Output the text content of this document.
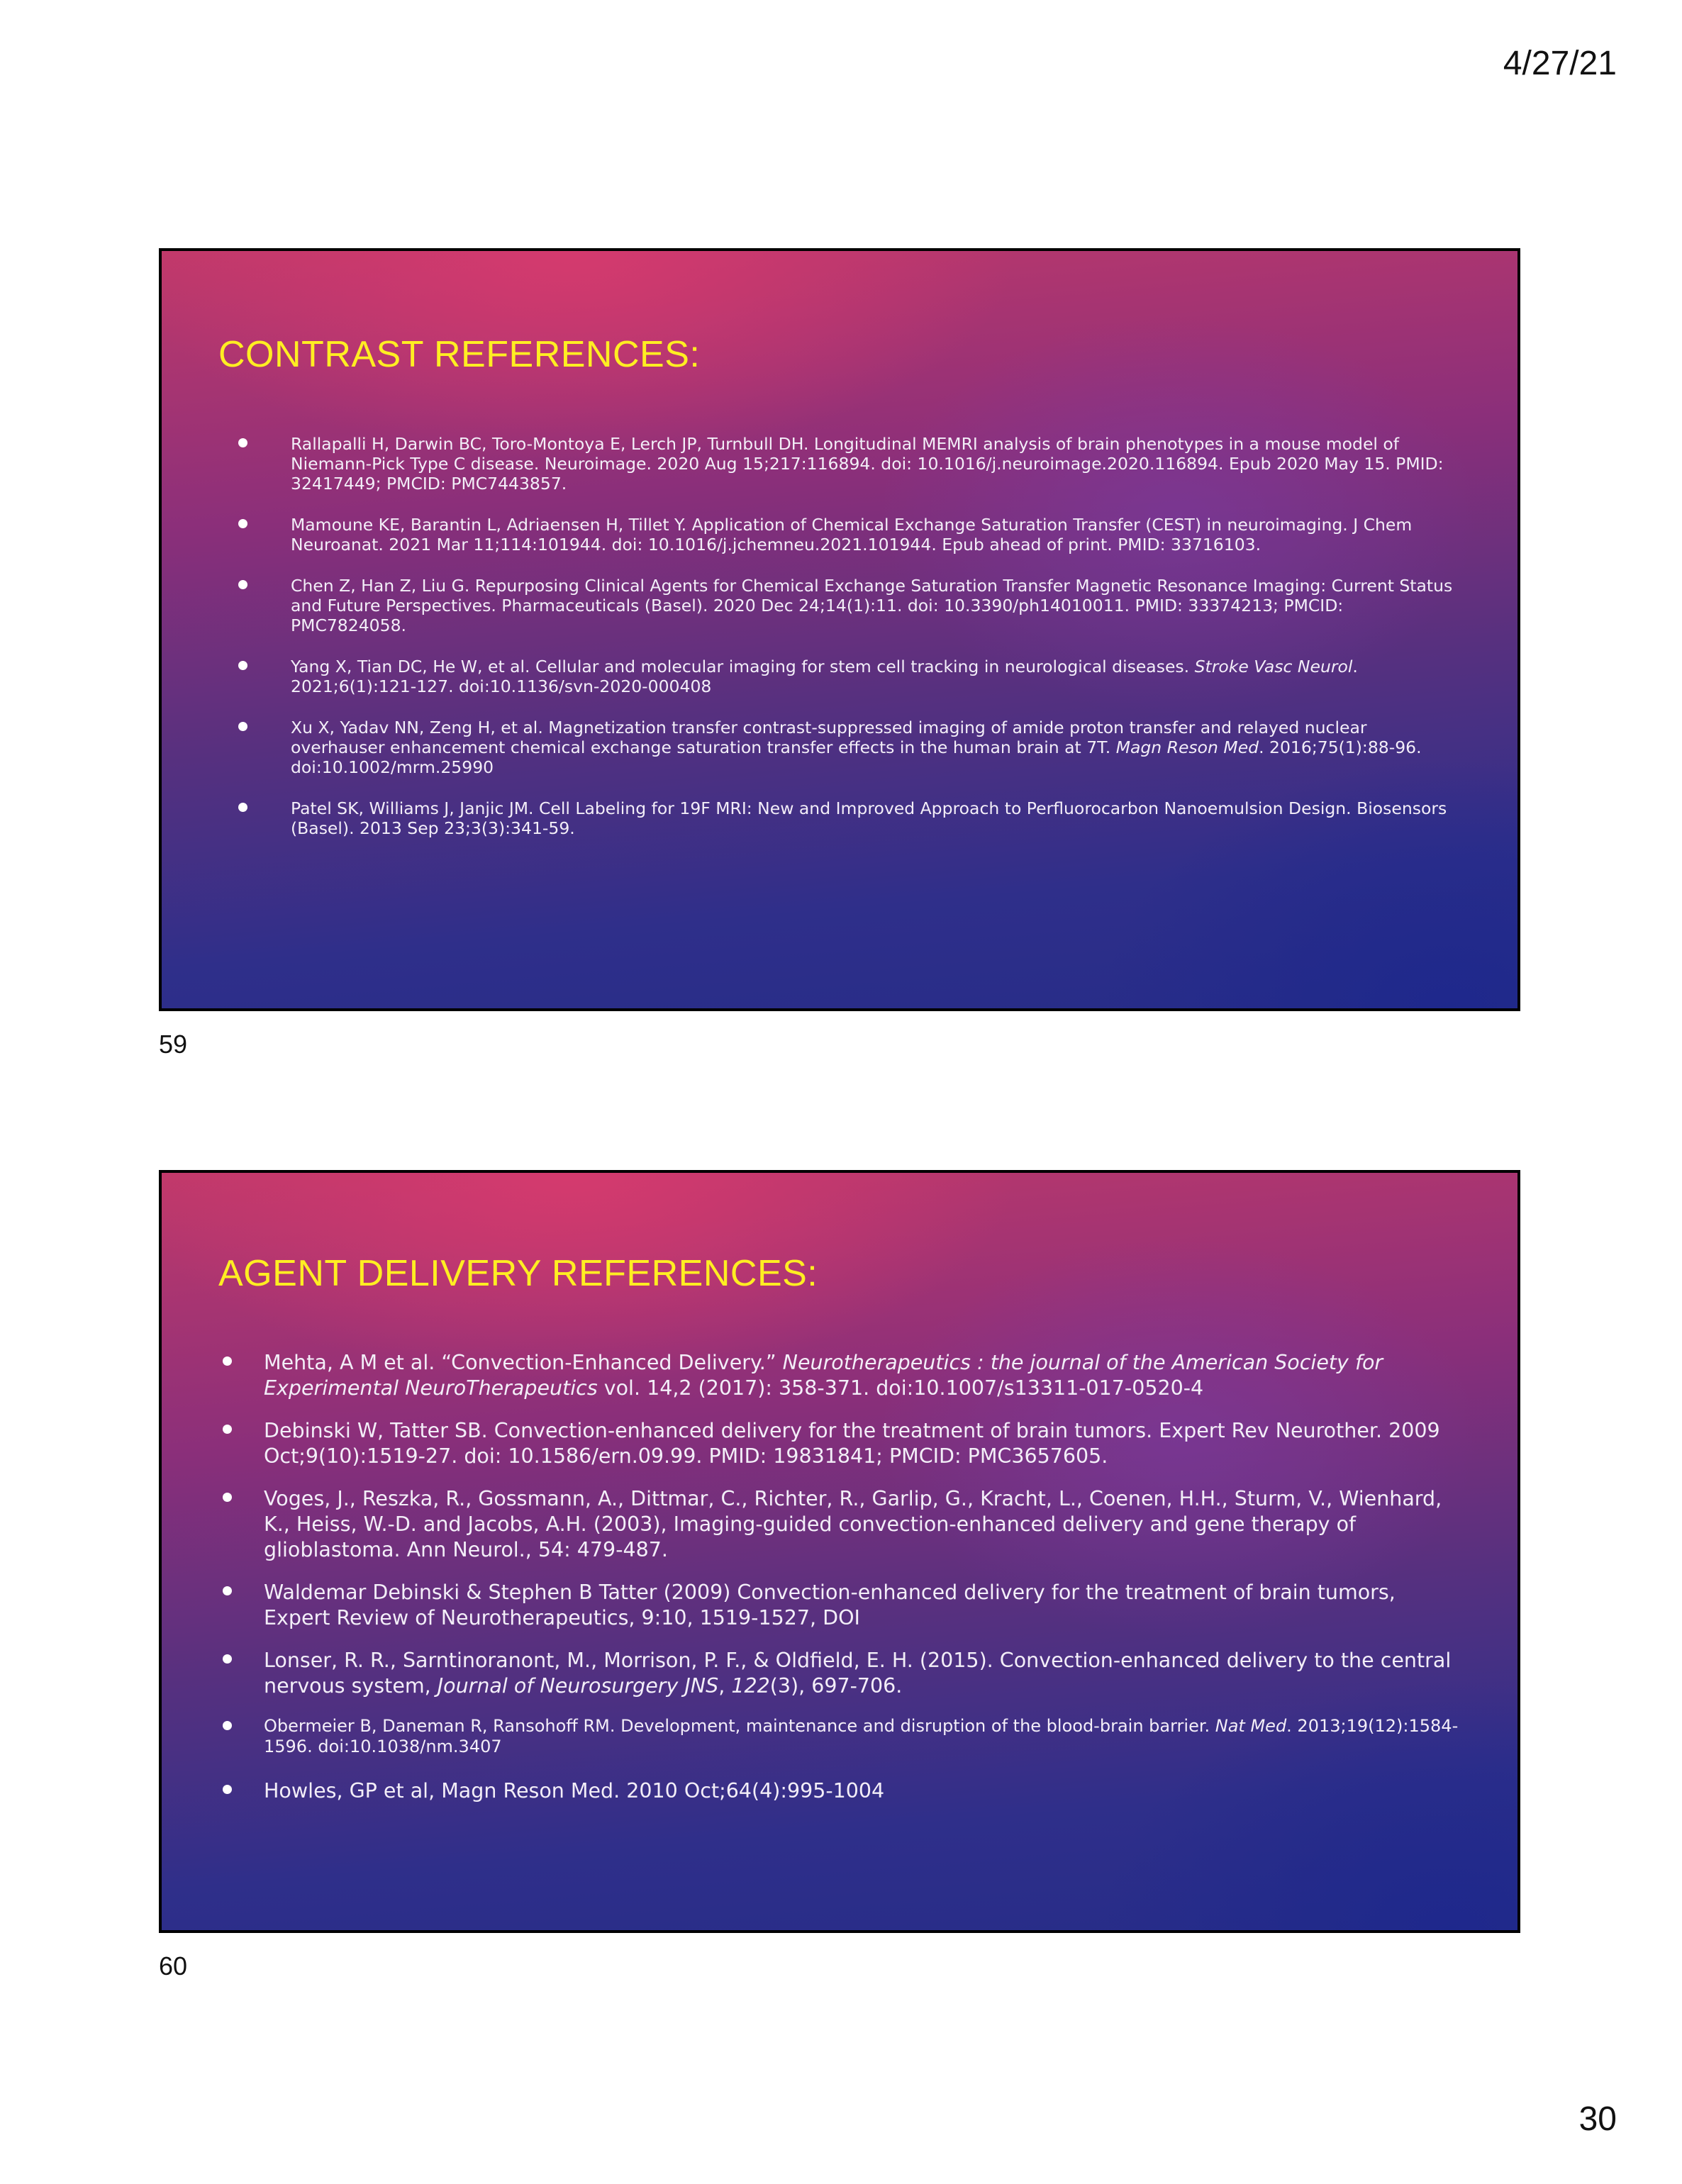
4/27/21
CONTRAST REFERENCES:
Rallapalli H, Darwin BC, Toro-Montoya E, Lerch JP, Turnbull DH. Longitudinal MEMRI analysis of brain phenotypes in a mouse model of Niemann-Pick Type C disease. Neuroimage. 2020 Aug 15;217:116894. doi: 10.1016/j.neuroimage.2020.116894. Epub 2020 May 15. PMID: 32417449; PMCID: PMC7443857.
Mamoune KE, Barantin L, Adriaensen H, Tillet Y. Application of Chemical Exchange Saturation Transfer (CEST) in neuroimaging. J Chem Neuroanat. 2021 Mar 11;114:101944. doi: 10.1016/j.jchemneu.2021.101944. Epub ahead of print. PMID: 33716103.
Chen Z, Han Z, Liu G. Repurposing Clinical Agents for Chemical Exchange Saturation Transfer Magnetic Resonance Imaging: Current Status and Future Perspectives. Pharmaceuticals (Basel). 2020 Dec 24;14(1):11. doi: 10.3390/ph14010011. PMID: 33374213; PMCID: PMC7824058.
Yang X, Tian DC, He W, et al. Cellular and molecular imaging for stem cell tracking in neurological diseases. Stroke Vasc Neurol. 2021;6(1):121-127. doi:10.1136/svn-2020-000408
Xu X, Yadav NN, Zeng H, et al. Magnetization transfer contrast-suppressed imaging of amide proton transfer and relayed nuclear overhauser enhancement chemical exchange saturation transfer effects in the human brain at 7T. Magn Reson Med. 2016;75(1):88-96. doi:10.1002/mrm.25990
Patel SK, Williams J, Janjic JM. Cell Labeling for 19F MRI: New and Improved Approach to Perfluorocarbon Nanoemulsion Design. Biosensors (Basel). 2013 Sep 23;3(3):341-59.
59
AGENT DELIVERY REFERENCES:
Mehta, A M et al. “Convection-Enhanced Delivery.” Neurotherapeutics : the journal of the American Society for Experimental NeuroTherapeutics vol. 14,2 (2017): 358-371. doi:10.1007/s13311-017-0520-4
Debinski W, Tatter SB. Convection-enhanced delivery for the treatment of brain tumors. Expert Rev Neurother. 2009 Oct;9(10):1519-27. doi: 10.1586/ern.09.99. PMID: 19831841; PMCID: PMC3657605.
Voges, J., Reszka, R., Gossmann, A., Dittmar, C., Richter, R., Garlip, G., Kracht, L., Coenen, H.H., Sturm, V., Wienhard, K., Heiss, W.-D. and Jacobs, A.H. (2003), Imaging-guided convection-enhanced delivery and gene therapy of glioblastoma. Ann Neurol., 54: 479-487.
Waldemar Debinski & Stephen B Tatter (2009) Convection-enhanced delivery for the treatment of brain tumors, Expert Review of Neurotherapeutics, 9:10, 1519-1527, DOI
Lonser, R. R., Sarntinoranont, M., Morrison, P. F., & Oldfield, E. H. (2015). Convection-enhanced delivery to the central nervous system, Journal of Neurosurgery JNS, 122(3), 697-706.
Obermeier B, Daneman R, Ransohoff RM. Development, maintenance and disruption of the blood-brain barrier. Nat Med. 2013;19(12):1584-1596. doi:10.1038/nm.3407
Howles, GP et al, Magn Reson Med. 2010 Oct;64(4):995-1004
60
30
